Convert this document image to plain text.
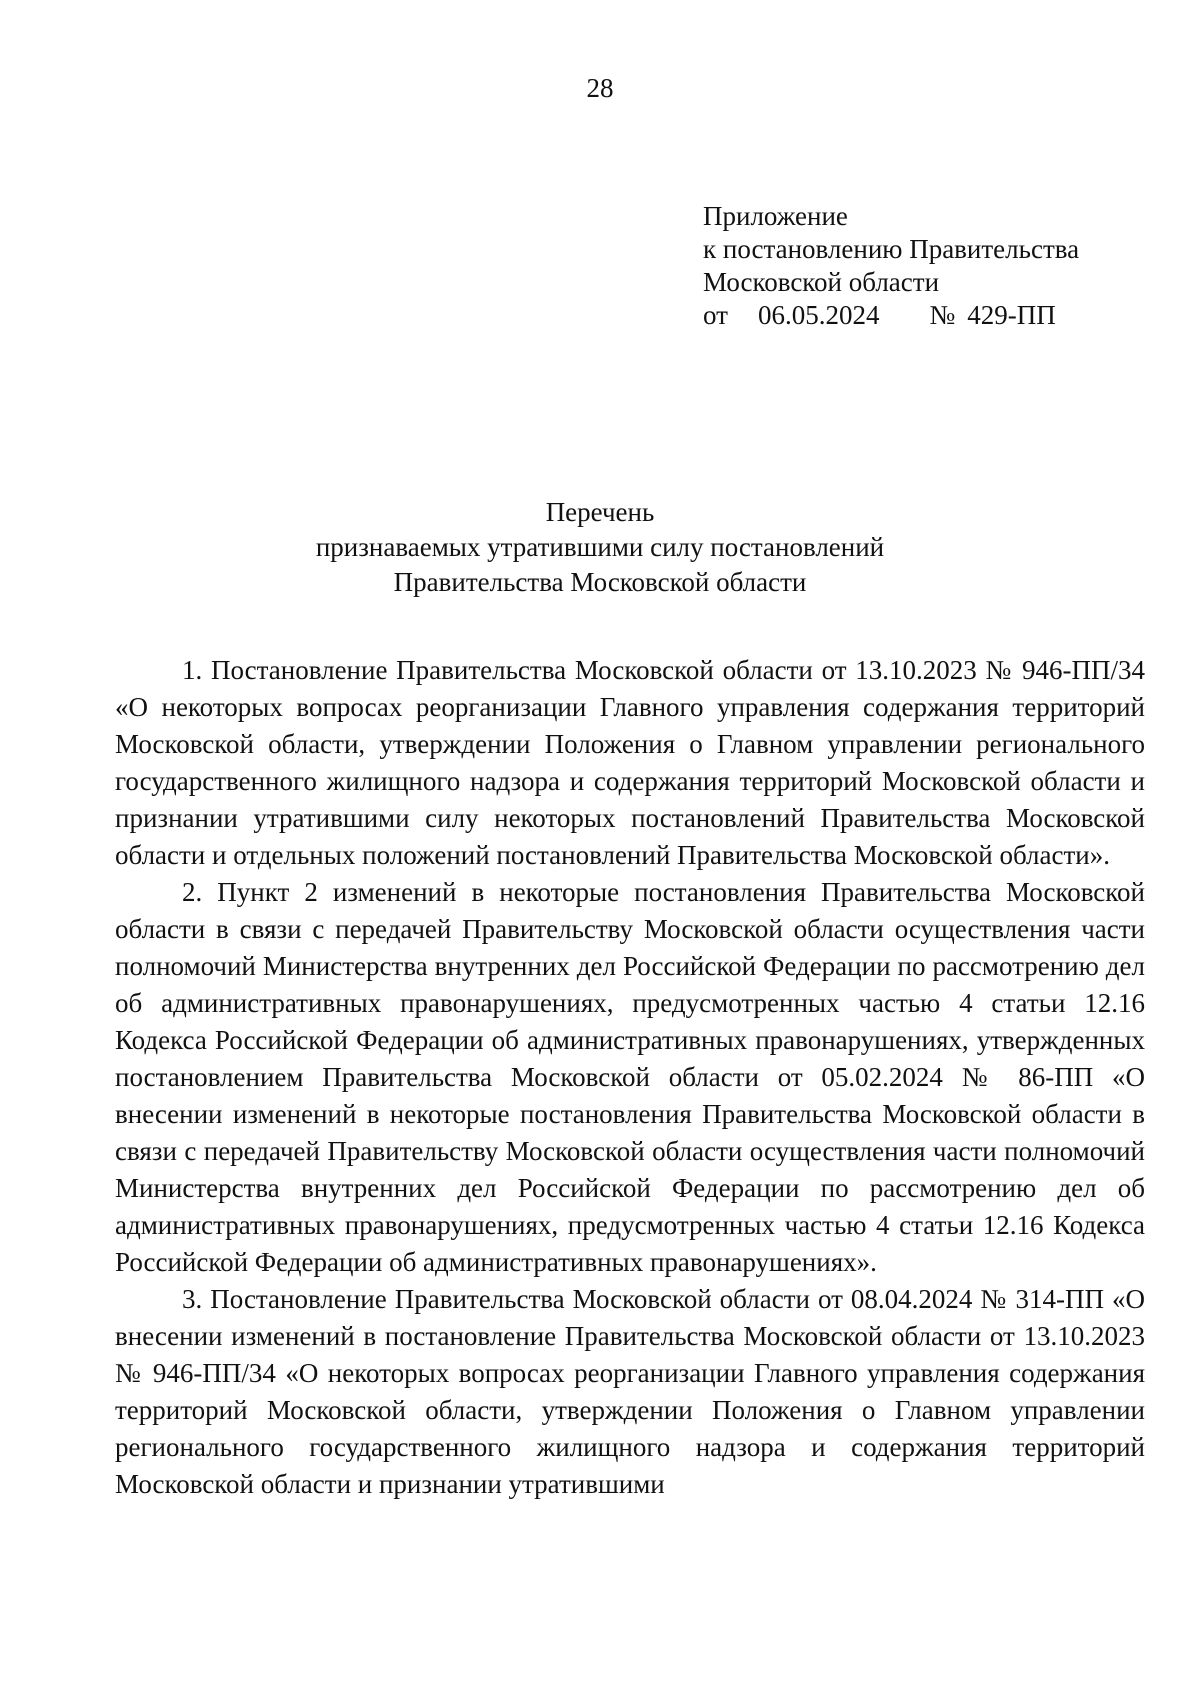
28
Приложение
к постановлению Правительства
Московской области
от 06.05.2024 № 429-ПП
Перечень
признаваемых утратившими силу постановлений
Правительства Московской области

1. Постановление Правительства Московской области от 13.10.2023 № 946-ПП/34 «О некоторых вопросах реорганизации Главного управления содержания территорий Московской области, утверждении Положения о Главном управлении регионального государственного жилищного надзора и содержания территорий Московской области и признании утратившими силу некоторых постановлений Правительства Московской области и отдельных положений постановлений Правительства Московской области».

2. Пункт 2 изменений в некоторые постановления Правительства Московской области в связи с передачей Правительству Московской области осуществления части полномочий Министерства внутренних дел Российской Федерации по рассмотрению дел об административных правонарушениях, предусмотренных частью 4 статьи 12.16 Кодекса Российской Федерации об административных правонарушениях, утвержденных постановлением Правительства Московской области от 05.02.2024 № 86-ПП «О внесении изменений в некоторые постановления Правительства Московской области в связи с передачей Правительству Московской области осуществления части полномочий Министерства внутренних дел Российской Федерации по рассмотрению дел об административных правонарушениях, предусмотренных частью 4 статьи 12.16 Кодекса Российской Федерации об административных правонарушениях».

3. Постановление Правительства Московской области от 08.04.2024 № 314-ПП «О внесении изменений в постановление Правительства Московской области от 13.10.2023 № 946-ПП/34 «О некоторых вопросах реорганизации Главного управления содержания территорий Московской области, утверждении Положения о Главном управлении регионального государственного жилищного надзора и содержания территорий Московской области и признании утратившими
